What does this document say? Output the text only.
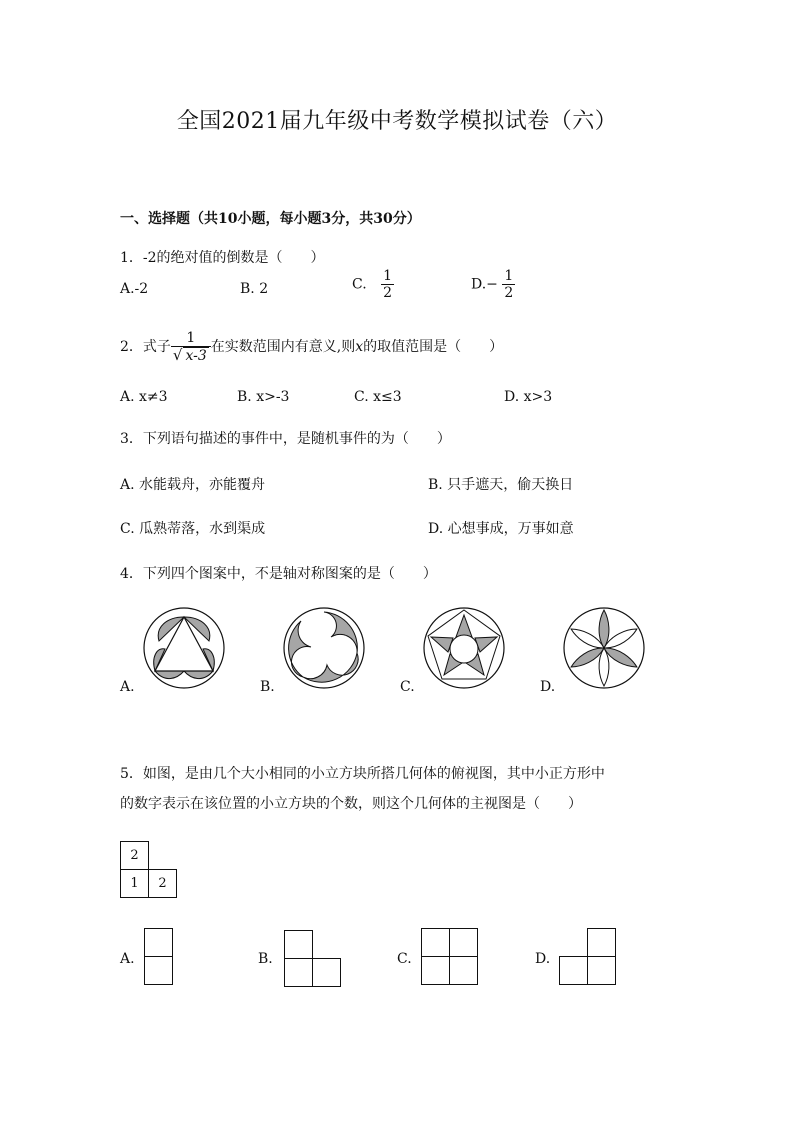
全国2021届九年级中考数学模拟试卷（六）
一、选择题（共10小题，每小题3分，共30分）
1．-2的绝对值的倒数是（　　）
A.-2	B. 2	C. $\frac{1}{2}$	$D.- \frac{1}{2}$
2．式子 $\frac{1}{√ x-3}$ 在实数范围内有意义,则x的取值范围是（　　）
A. x≠3	B. x>-3	C. x≤3	D. x>3
3．下列语句描述的事件中，是随机事件的为（　　）
A. 水能载舟，亦能覆舟	B. 只手遮天，偷天换日
C. 瓜熟蒂落，水到渠成	D. 心想事成，万事如意
4．下列四个图案中，不是轴对称图案的是（　　）
A.	B.	C.	D.
5．如图，是由几个大小相同的小立方块所搭几何体的俯视图，其中小正方形中
的数字表示在该位置的小立方块的个数，则这个几何体的主视图是（　　）
2
1	2
A.	B.	C.	D.
